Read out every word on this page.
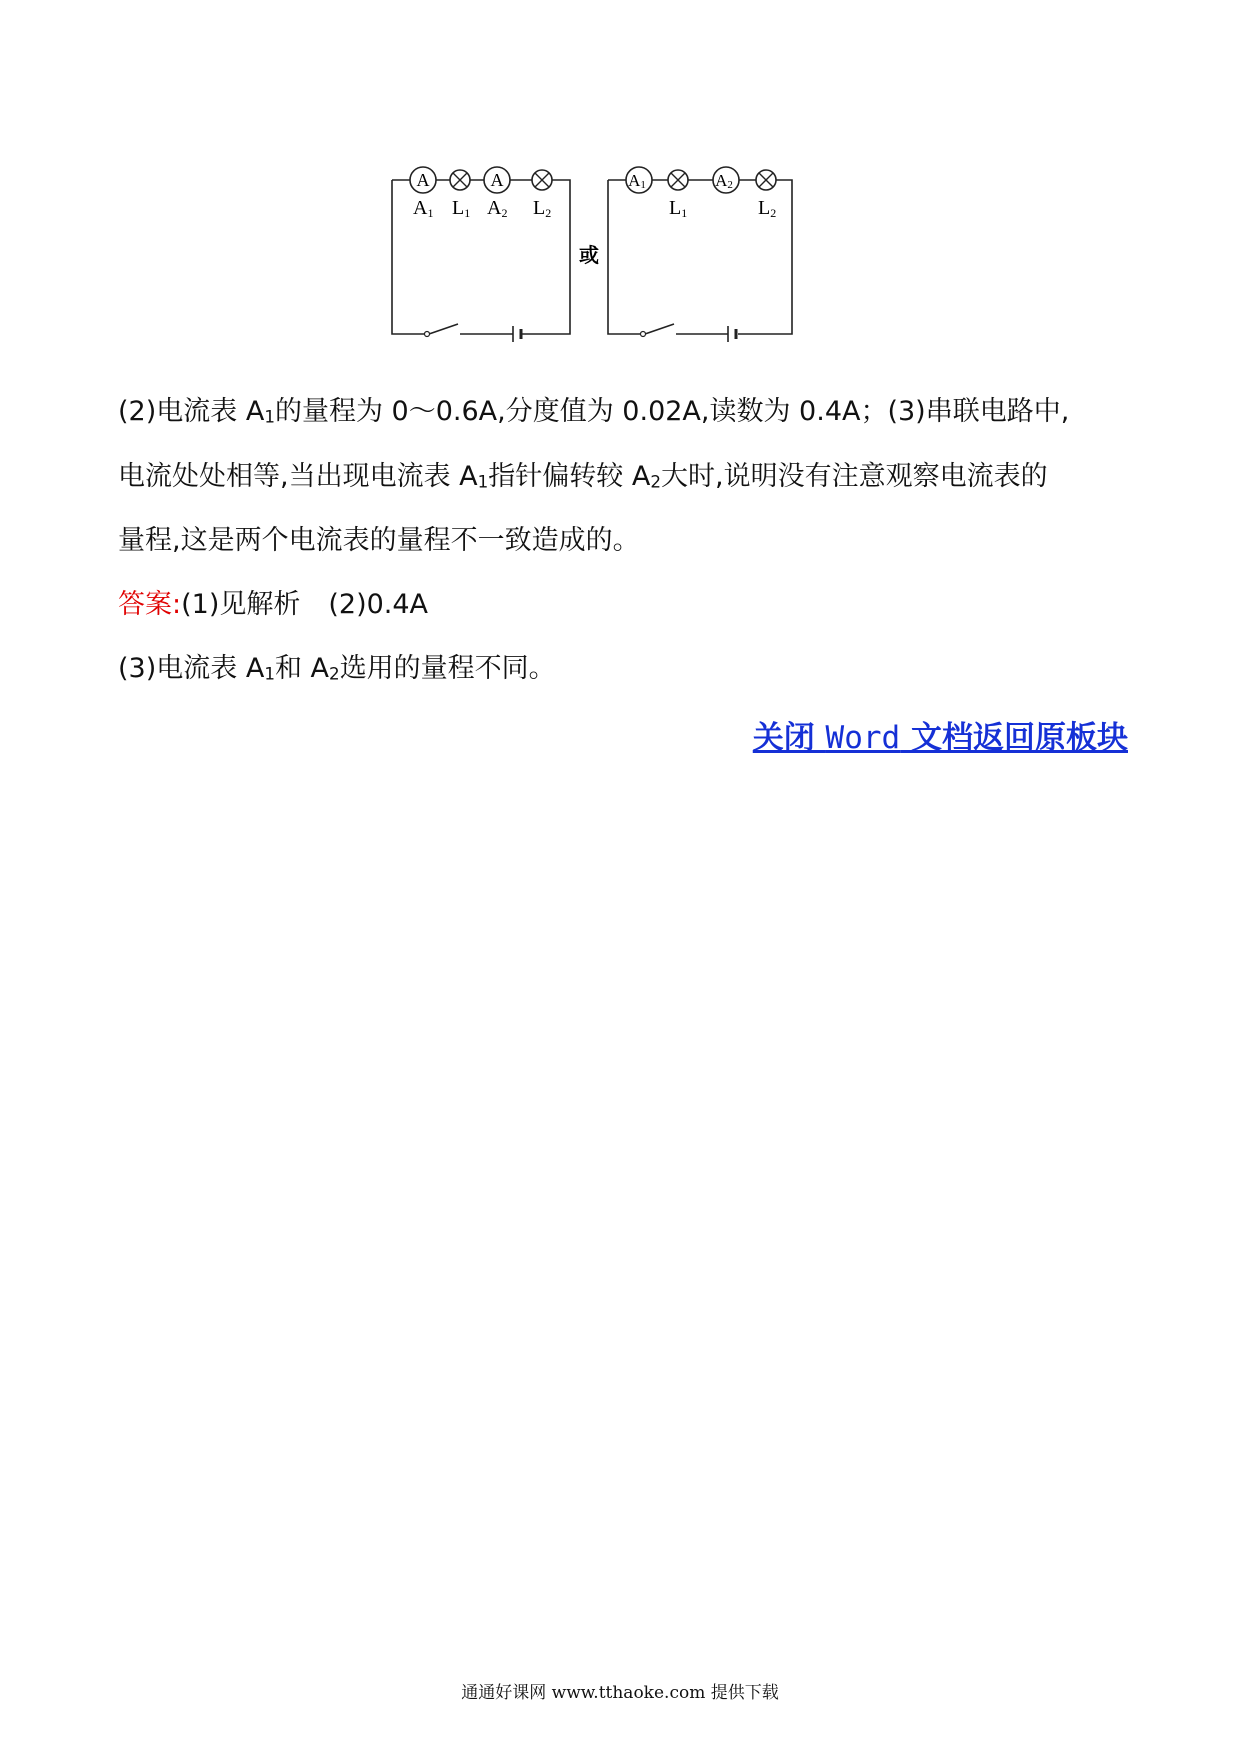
A	A
A1 L1 A2 L2
或
A1	A2
L1	L2
(2)电流表 $A_1$的量程为 0～0.6A,分度值为 0.02A,读数为 0.4A；(3)串联电路中,
电流处处相等,当出现电流表 $A_1$指针偏转较 $A_2$大时,说明没有注意观察电流表的
量程,这是两个电流表的量程不一致造成的。
答案:(1)见解析 (2)0.4A
(3)电流表 $A_1$和 $A_2$选用的量程不同。
关闭 Word 文档返回原板块
通通好课网 www.tthaoke.com 提供下载
